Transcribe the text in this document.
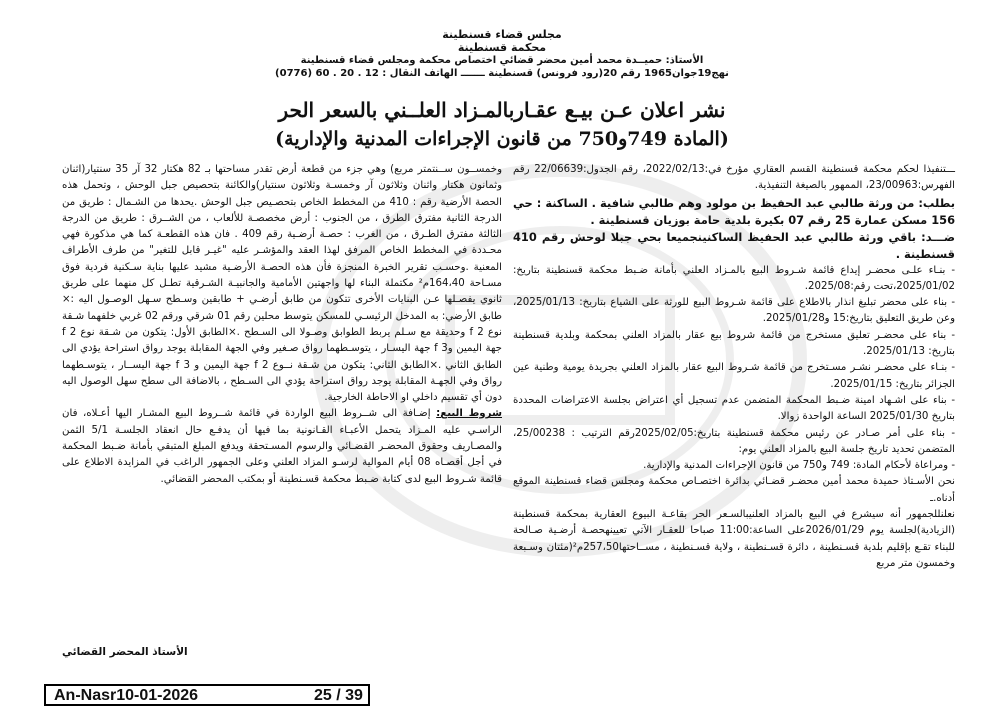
مجلس قضاء قسنطينة
محكمة قسنطينة
الأستاذ: حميــدة محمد أمين محضر قضائي اختصاص محكمة ومجلس قضاء قسنطينة
نهج19جوان1965 رقم 20(رود فرونس) قسنطينة ـــــــ الهاتف النقال : 12 . 20 . 60 (0776)
نشر اعلان عـن بيـع عقـاربالمـزاد العلــني بالسعر الحر
(المادة 749و750 من قانون الإجراءات المدنية والإدارية)

ـــتنفيذا لحكم محكمة قسنطينة القسم العقاري مؤرخ في:2022/02/13، رقم الجدول:22/06639 رقم الفهرس:23/00963، الممهور بالصيغة التنفيذية.

بطلب: من ورثة طالبي عبد الحفيظ بن مولود وهم طالبي شافية . الساكنة : حي 156 مسكن عمارة 25 رقم 07 بكيرة بلدية حامة بوزيان قسنطينة .

ضـــد: باقي ورثة طالبي عبد الحفيظ الساكنينجميعا بحي جبلا لوحش رقم 410 قسنطينة .

- بنـاء علـى محضـر إيداع قائمة شـروط البيع بالمـزاد العلني بأمانة ضـبط محكمة قسنطينة بتاريخ: 2025/01/02،تحت رقم:2025/08.

- بناء على محضر تبليغ انذار بالاطلاع على قائمة شـروط البيع للورثة على الشياع بتاريخ: 2025/01/13، وعن طريق التعليق بتاريخ:15 و2025/01/28.

- بناء على محضـر تعليق مستخرج من قائمة شروط بيع عقار بالمزاد العلني بمحكمة وبلدية قسنطينة بتاريخ: 2025/01/13.

- بنـاء على محضـر نشـر مسـتخرج من قائمة شـروط البيع عقار بالمزاد العلني بجريدة يومية وطنية عين الجزائر بتاريخ: 2025/01/15.

- بناء على اشـهاد امينة ضـبط المحكمة المتضمن عدم تسجيل أي اعتراض بجلسة الاعتراضات المحددة بتاريخ 2025/01/30 الساعة الواحدة زوالا.

- بناء على أمر صـادر عن رئيس محكمة قسنطينة بتاريخ:2025/02/05رقم الترتيب : 25/00238، المتضمن تحديد تاريخ جلسة البيع بالمزاد العلني يوم:

- ومراعاة لأحكام المادة: 749 و750 من قانون الإجراءات المدنية والإدارية.

نحن الأسـتاذ حميدة محمد أمين محضـر قضـائي بدائرة اختصـاص محكمة ومجلس قضاء قسنطينة الموقع أدناه.ـ

نعلنللجمهور أنه سيشرع في البيع بالمزاد العلنيبالسـعر الحر بقاعـة البيوع العقارية بمحكمة قسنطينة (الزيادية)لجلسة يوم 2026/01/29على الساعة:11:00 صباحا للعقـار الآتي تعيينهحصـة أرضـية صـالحة للبناء تقـع بإقليم بلدية قسـنطينة ، دائرة قسـنطينة ، ولاية قسـنطينة ، مســاحتها257،50م²(مئتان وسـبعة وخمسون متر مربع

وخمســون ســنتمتر مربع) وهي جزء من قطعة أرض تقدر مساحتها بـ 82 هكتار 32 آر 35 سنتيار(اثنان وثمانون هكتار واثنان وثلاثون آر وخمسـة وثلاثون سنتيار)والكائنة بتحصيص جبل الوحش ، وتحمل هذه الحصة الأرضية رقم : 410 من المخطط الخاص بتحصـيص جبل الوحش .يحدها من الشـمال : طريق من الدرجة الثانية مفترق الطرق ، من الجنوب : أرض مخصصـة للألعاب ، من الشــرق : طريق من الدرجة الثالثة مفترق الطـرق ، من الغرب : حصـة أرضـية رقم 409 . فان هذه القطعـة كما هي مذكورة فهي محـددة في المخطط الخاص المرفق لهذا العقد والمؤشـر عليه "غيـر قابل للتغير" من طرف الأطراف المعنية .وحسـب تقرير الخبرة المنجزة فأن هذه الحصـة الأرضـية مشيد عليها بناية سـكنية فردية فوق مسـاحة 164،40م² مكتملة البناء لها واجهتين الأمامية والجانبيـة الشـرقية تطـل كل منهما على طريق ثانوي يفصـلها عـن البنايات الأخرى تتكون من طابق أرضـي + طابقين وسـطح سـهل الوصـول اليه :× طابق الأرضي: به المدخل الرئيسـي للمسكن يتوسط محلين رقم 01 شرقي ورقم 02 غربي خلفهما شـقة نوع f 2 وحديقة مع سـلم يربط الطوابق وصـولا الى السـطح .×الطابق الأول: يتكون من شـقة نوع f 2 جهة اليمين وf 3 جهة اليسـار ، يتوسـطهما رواق صـغير وفي الجهة المقابلة يوجد رواق استراحة يؤدي الى الطابق الثاني .×الطابق الثاني: يتكون من شـقة نــوع f 2 جهة اليمين و f 3 جهة اليســار ، يتوسـطهما رواق وفي الجهـة المقابلة يوجد رواق استراحة يؤدي الى السـطح ، بالاضافة الى سطح سهل الوصول اليه دون أي تقسيم داخلي او الاحاطة الخارجية.

شروط البيع: إضـافة الى شــروط البيع الواردة في قائمة شــروط البيع المشـار اليها أعـلاه، فان الراسـي عليه المـزاد يتحمل الأعبـاء القـانونية بما فيها أن يدفـع حال انعقاد الجلسـة 5/1 الثمن والمصـاريف وحقوق المحضـر القضـائي والرسوم المسـتحقة ويدفع المبلغ المتبقي بأمانة ضـبط المحكمة في أجل أقصـاه 08 أيام الموالية لرسـو المزاد العلني وعلى الجمهور الراغب في المزايدة الاطلاع على قائمة شـروط البيع لدى كتابة ضـبط محكمة قسـنطينة أو بمكتب المحضر القضائي.

الأستاذ المحضر القضائي
An-Nasr10-01-2026	25 / 39
